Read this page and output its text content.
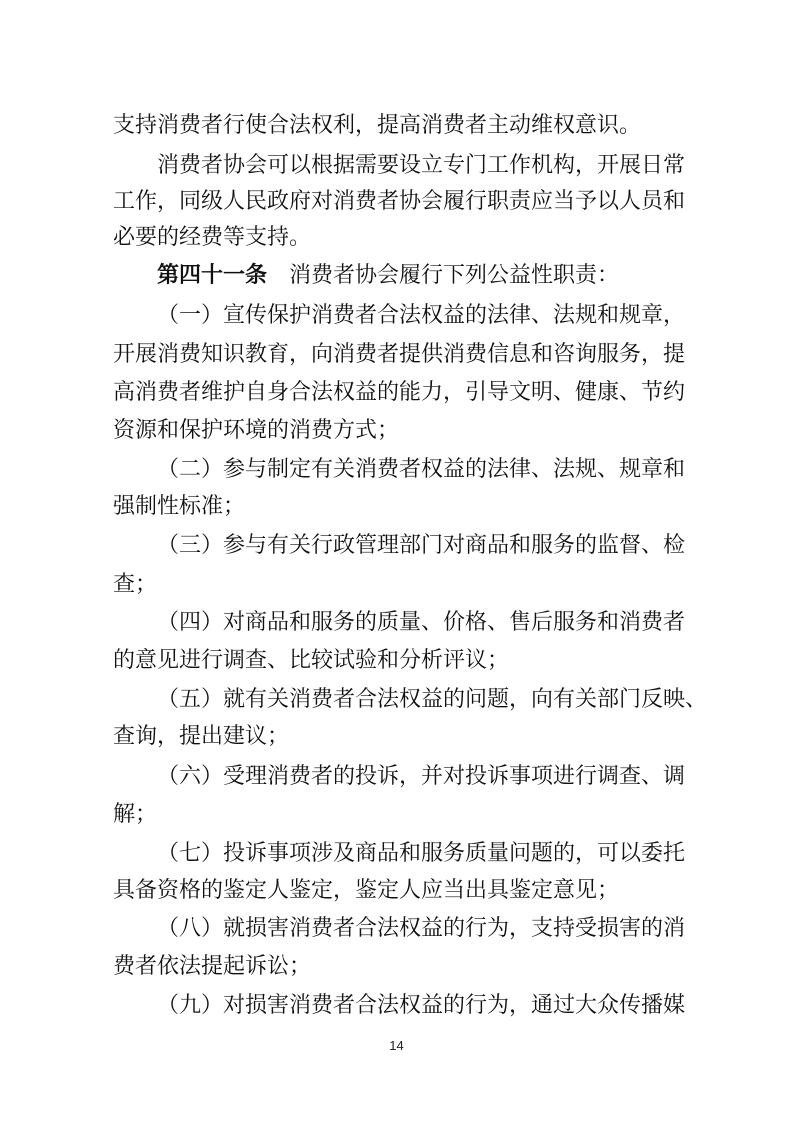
支持消费者行使合法权利，提高消费者主动维权意识。
消费者协会可以根据需要设立专门工作机构，开展日常
工作，同级人民政府对消费者协会履行职责应当予以人员和
必要的经费等支持。
第四十一条 消费者协会履行下列公益性职责：
（一）宣传保护消费者合法权益的法律、法规和规章，
开展消费知识教育，向消费者提供消费信息和咨询服务，提
高消费者维护自身合法权益的能力，引导文明、健康、节约
资源和保护环境的消费方式；
（二）参与制定有关消费者权益的法律、法规、规章和
强制性标准；
（三）参与有关行政管理部门对商品和服务的监督、检
查；
（四）对商品和服务的质量、价格、售后服务和消费者
的意见进行调查、比较试验和分析评议；
（五）就有关消费者合法权益的问题，向有关部门反映、
查询，提出建议；
（六）受理消费者的投诉，并对投诉事项进行调查、调
解；
（七）投诉事项涉及商品和服务质量问题的，可以委托
具备资格的鉴定人鉴定，鉴定人应当出具鉴定意见；
（八）就损害消费者合法权益的行为，支持受损害的消
费者依法提起诉讼；
（九）对损害消费者合法权益的行为，通过大众传播媒
14
